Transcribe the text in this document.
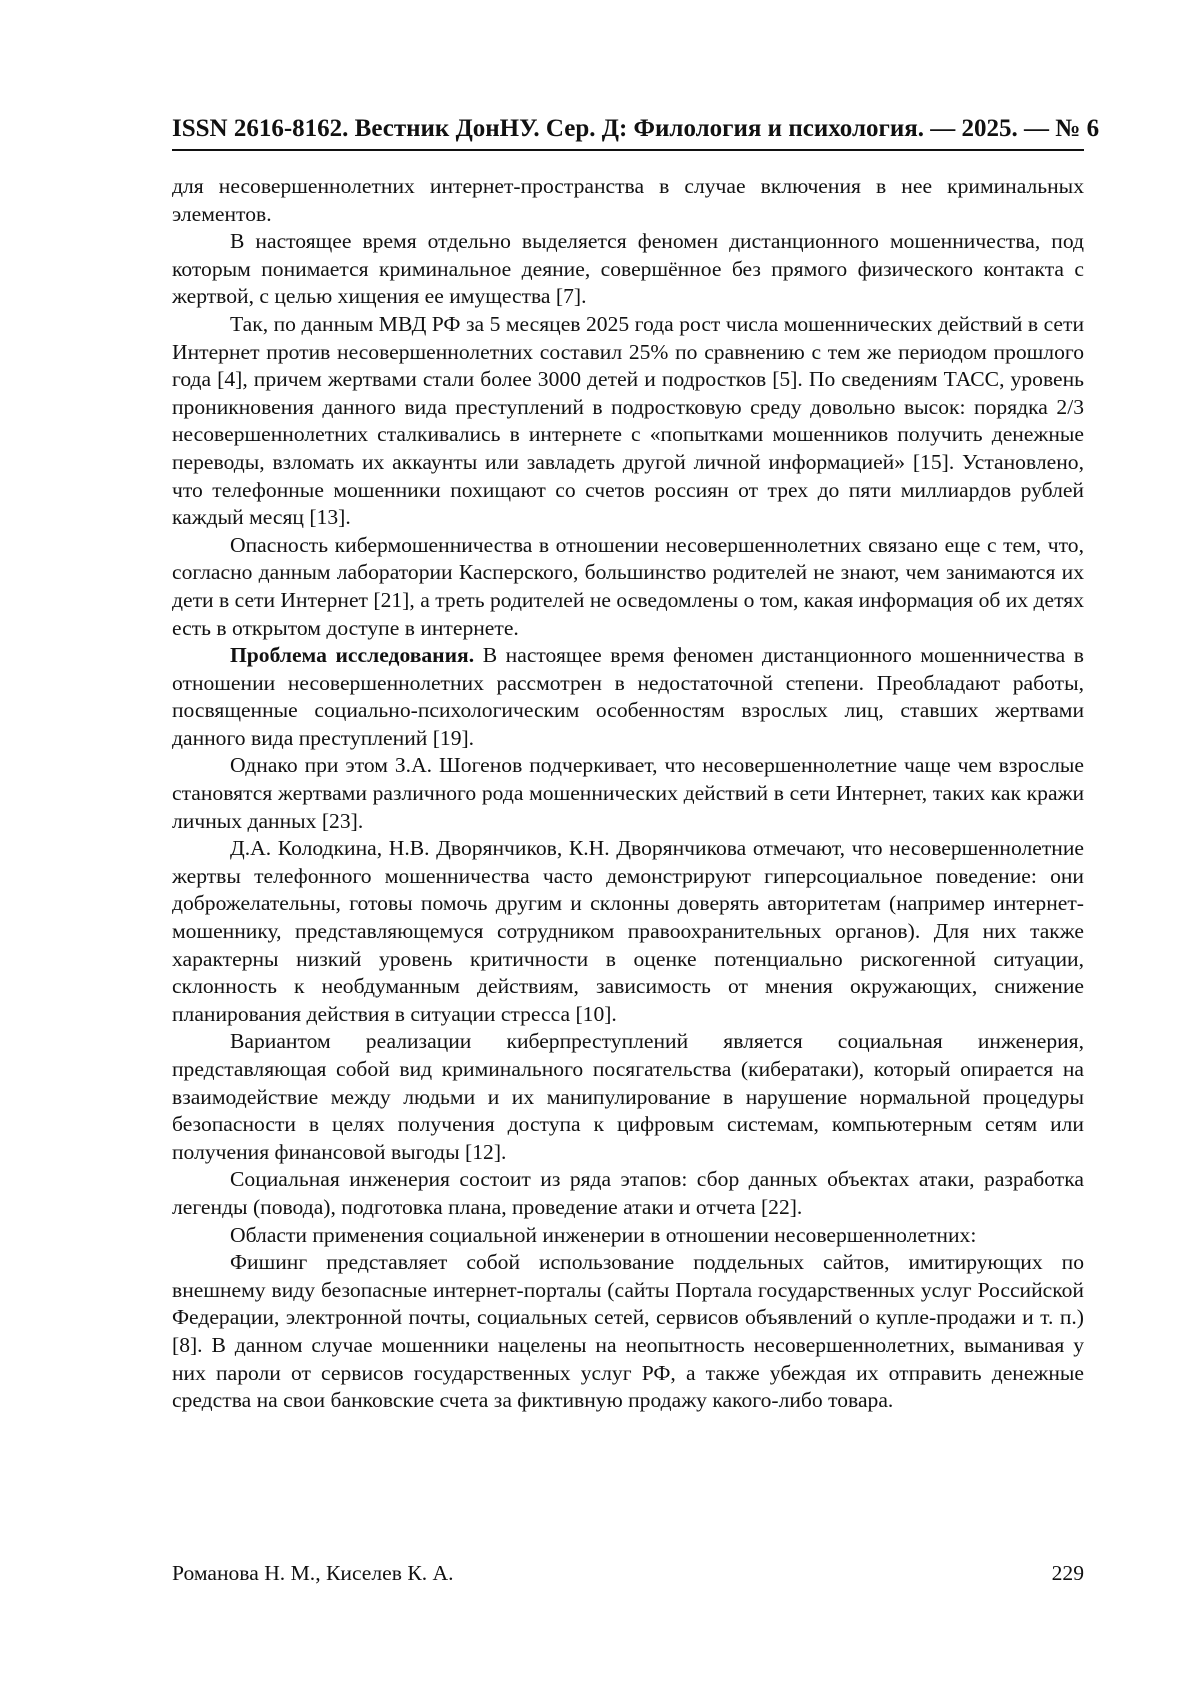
ISSN 2616-8162. Вестник ДонНУ. Сер. Д: Филология и психология. — 2025. — № 6

для несовершеннолетних интернет-пространства в случае включения в нее криминальных элементов.

В настоящее время отдельно выделяется феномен дистанционного мошенничества, под которым понимается криминальное деяние, совершённое без прямого физического контакта с жертвой, с целью хищения ее имущества [7].

Так, по данным МВД РФ за 5 месяцев 2025 года рост числа мошеннических действий в сети Интернет против несовершеннолетних составил 25% по сравнению с тем же периодом прошлого года [4], причем жертвами стали более 3000 детей и подростков [5]. По сведениям ТАСС, уровень проникновения данного вида преступлений в подростковую среду довольно высок: порядка 2/3 несовершеннолетних сталкивались в интернете с «попытками мошенников получить денежные переводы, взломать их аккаунты или завладеть другой личной информацией» [15]. Установлено, что телефонные мошенники похищают со счетов россиян от трех до пяти миллиардов рублей каждый месяц [13].

Опасность кибермошенничества в отношении несовершеннолетних связано еще с тем, что, согласно данным лаборатории Касперского, большинство родителей не знают, чем занимаются их дети в сети Интернет [21], а треть родителей не осведомлены о том, какая информация об их детях есть в открытом доступе в интернете.

Проблема исследования. В настоящее время феномен дистанционного мошенничества в отношении несовершеннолетних рассмотрен в недостаточной степени. Преобладают работы, посвященные социально-психологическим особенностям взрослых лиц, ставших жертвами данного вида преступлений [19].

Однако при этом З.А. Шогенов подчеркивает, что несовершеннолетние чаще чем взрослые становятся жертвами различного рода мошеннических действий в сети Интернет, таких как кражи личных данных [23].

Д.А. Колодкина, Н.В. Дворянчиков, К.Н. Дворянчикова отмечают, что несовершеннолетние жертвы телефонного мошенничества часто демонстрируют гиперсоциальное поведение: они доброжелательны, готовы помочь другим и склонны доверять авторитетам (например интернет-мошеннику, представляющемуся сотрудником правоохранительных органов). Для них также характерны низкий уровень критичности в оценке потенциально рискогенной ситуации, склонность к необдуманным действиям, зависимость от мнения окружающих, снижение планирования действия в ситуации стресса [10].

Вариантом реализации киберпреступлений является социальная инженерия, представляющая собой вид криминального посягательства (кибератаки), который опирается на взаимодействие между людьми и их манипулирование в нарушение нормальной процедуры безопасности в целях получения доступа к цифровым системам, компьютерным сетям или получения финансовой выгоды [12].

Социальная инженерия состоит из ряда этапов: сбор данных объектах атаки, разработка легенды (повода), подготовка плана, проведение атаки и отчета [22].

Области применения социальной инженерии в отношении несовершеннолетних:

Фишинг представляет собой использование поддельных сайтов, имитирующих по внешнему виду безопасные интернет-порталы (сайты Портала государственных услуг Российской Федерации, электронной почты, социальных сетей, сервисов объявлений о купле-продажи и т. п.) [8]. В данном случае мошенники нацелены на неопытность несовершеннолетних, выманивая у них пароли от сервисов государственных услуг РФ, а также убеждая их отправить денежные средства на свои банковские счета за фиктивную продажу какого-либо товара.

Романова Н. М., Киселев К. А.	229
